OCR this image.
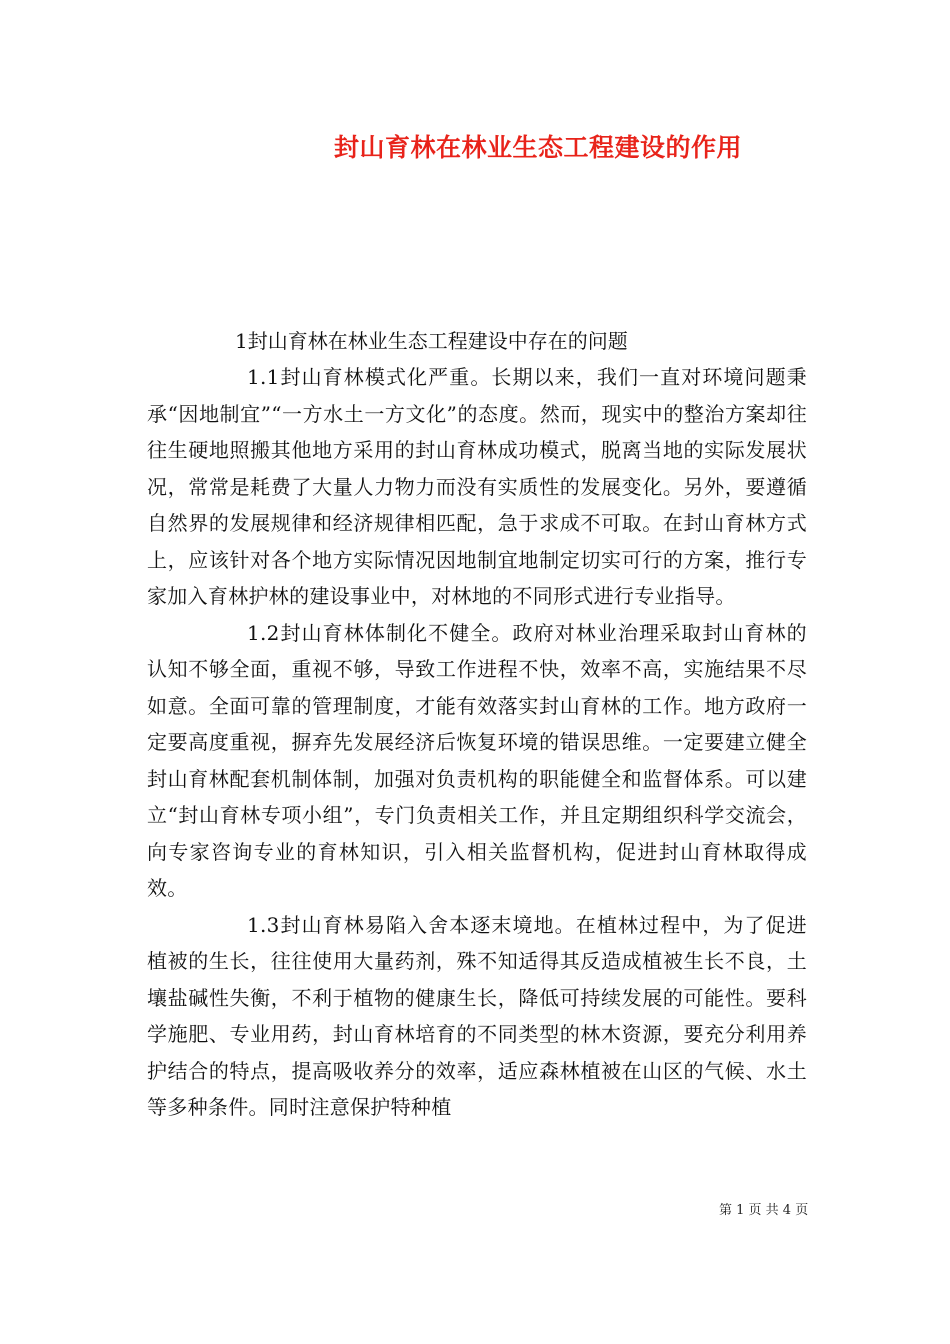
封山育林在林业生态工程建设的作用

1封山育林在林业生态工程建设中存在的问题

1.1封山育林模式化严重。长期以来，我们一直对环境问题秉承“因地制宜”“一方水土一方文化”的态度。然而，现实中的整治方案却往往生硬地照搬其他地方采用的封山育林成功模式，脱离当地的实际发展状况，常常是耗费了大量人力物力而没有实质性的发展变化。另外，要遵循自然界的发展规律和经济规律相匹配，急于求成不可取。在封山育林方式上，应该针对各个地方实际情况因地制宜地制定切实可行的方案，推行专家加入育林护林的建设事业中，对林地的不同形式进行专业指导。

1.2封山育林体制化不健全。政府对林业治理采取封山育林的认知不够全面，重视不够，导致工作进程不快，效率不高，实施结果不尽如意。全面可靠的管理制度，才能有效落实封山育林的工作。地方政府一定要高度重视，摒弃先发展经济后恢复环境的错误思维。一定要建立健全封山育林配套机制体制，加强对负责机构的职能健全和监督体系。可以建立“封山育林专项小组”，专门负责相关工作，并且定期组织科学交流会，向专家咨询专业的育林知识，引入相关监督机构，促进封山育林取得成效。

1.3封山育林易陷入舍本逐末境地。在植林过程中，为了促进植被的生长，往往使用大量药剂，殊不知适得其反造成植被生长不良，土壤盐碱性失衡，不利于植物的健康生长，降低可持续发展的可能性。要科学施肥、专业用药，封山育林培育的不同类型的林木资源，要充分利用养护结合的特点，提高吸收养分的效率，适应森林植被在山区的气候、水土等多种条件。同时注意保护特种植

第 1 页 共 4 页
